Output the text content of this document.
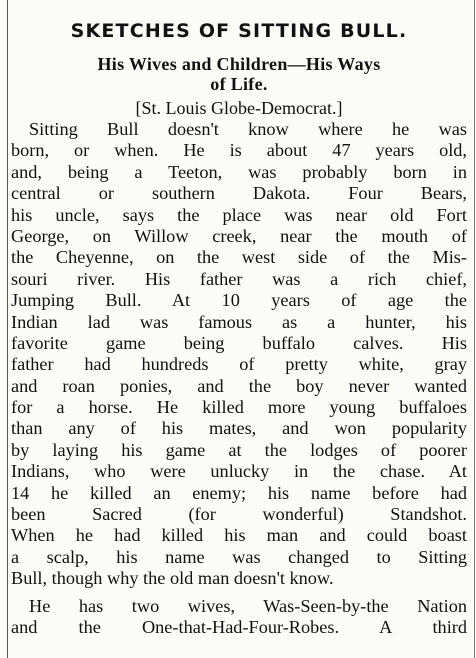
SKETCHES OF SITTING BULL.
His Wives and Children—His Ways
of Life.
[St. Louis Globe-Democrat.]
Sitting Bull doesn't know where he was
born, or when. He is about 47 years old,
and, being a Teeton, was probably born in
central or southern Dakota. Four Bears,
his uncle, says the place was near old Fort
George, on Willow creek, near the mouth of
the Cheyenne, on the west side of the Mis-
souri river. His father was a rich chief,
Jumping Bull. At 10 years of age the
Indian lad was famous as a hunter, his
favorite game being buffalo calves. His
father had hundreds of pretty white, gray
and roan ponies, and the boy never wanted
for a horse. He killed more young buffaloes
than any of his mates, and won popularity
by laying his game at the lodges of poorer
Indians, who were unlucky in the chase. At
14 he killed an enemy; his name before had
been Sacred (for wonderful) Standshot.
When he had killed his man and could boast
a scalp, his name was changed to Sitting
Bull, though why the old man doesn't know.
He has two wives, Was-Seen-by-the Nation
and the One-that-Had-Four-Robes. A third
